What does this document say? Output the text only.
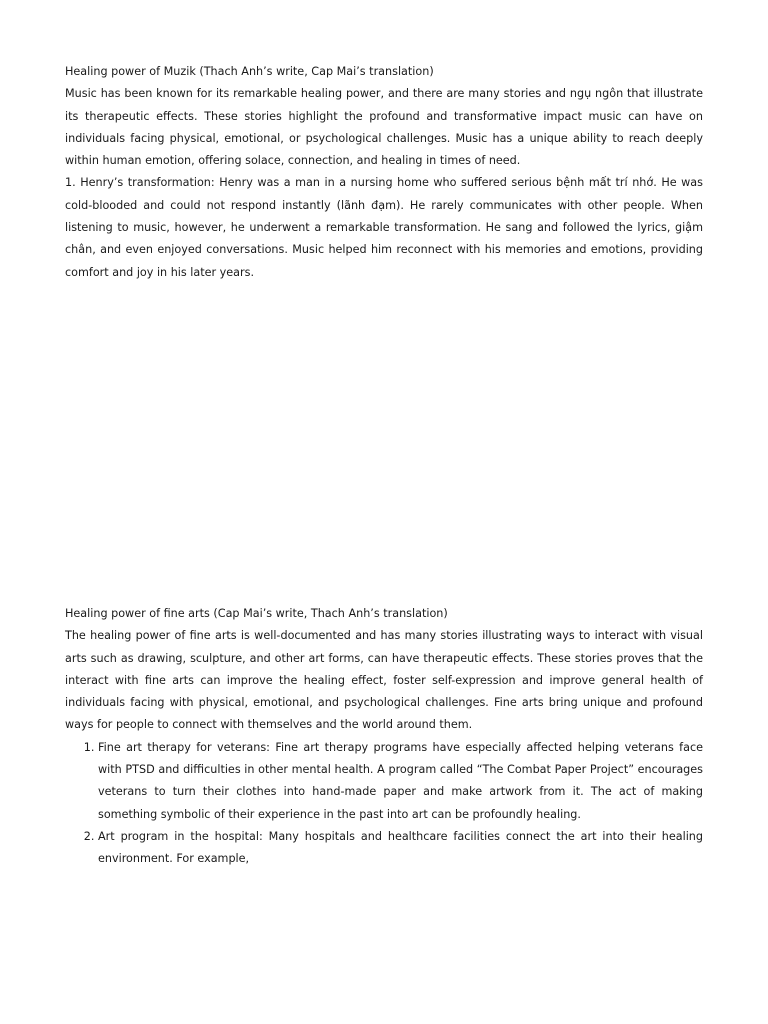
Healing power of Muzik (Thach Anh’s write, Cap Mai’s translation)

Music has been known for its remarkable healing power, and there are many stories and ngụ ngôn that illustrate its therapeutic effects. These stories highlight the profound and transformative impact music can have on individuals facing physical, emotional, or psychological challenges. Music has a unique ability to reach deeply within human emotion, offering solace, connection, and healing in times of need.

1. Henry’s transformation: Henry was a man in a nursing home who suffered serious bệnh mất trí nhớ. He was cold-blooded and could not respond instantly (lãnh đạm). He rarely communicates with other people. When listening to music, however, he underwent a remarkable transformation. He sang and followed the lyrics, giậm chân, and even enjoyed conversations. Music helped him reconnect with his memories and emotions, providing comfort and joy in his later years.

Healing power of fine arts (Cap Mai’s write, Thach Anh’s translation)

The healing power of fine arts is well-documented and has many stories illustrating ways to interact with visual arts such as drawing, sculpture, and other art forms, can have therapeutic effects. These stories proves that the interact with fine arts can improve the healing effect, foster self-expression and improve general health of individuals facing with physical, emotional, and psychological challenges. Fine arts bring unique and profound ways for people to connect with themselves and the world around them.

1. Fine art therapy for veterans: Fine art therapy programs have especially affected helping veterans face with PTSD and difficulties in other mental health. A program called “The Combat Paper Project” encourages veterans to turn their clothes into hand-made paper and make artwork from it. The act of making something symbolic of their experience in the past into art can be profoundly healing.
2. Art program in the hospital: Many hospitals and healthcare facilities connect the art into their healing environment. For example,
